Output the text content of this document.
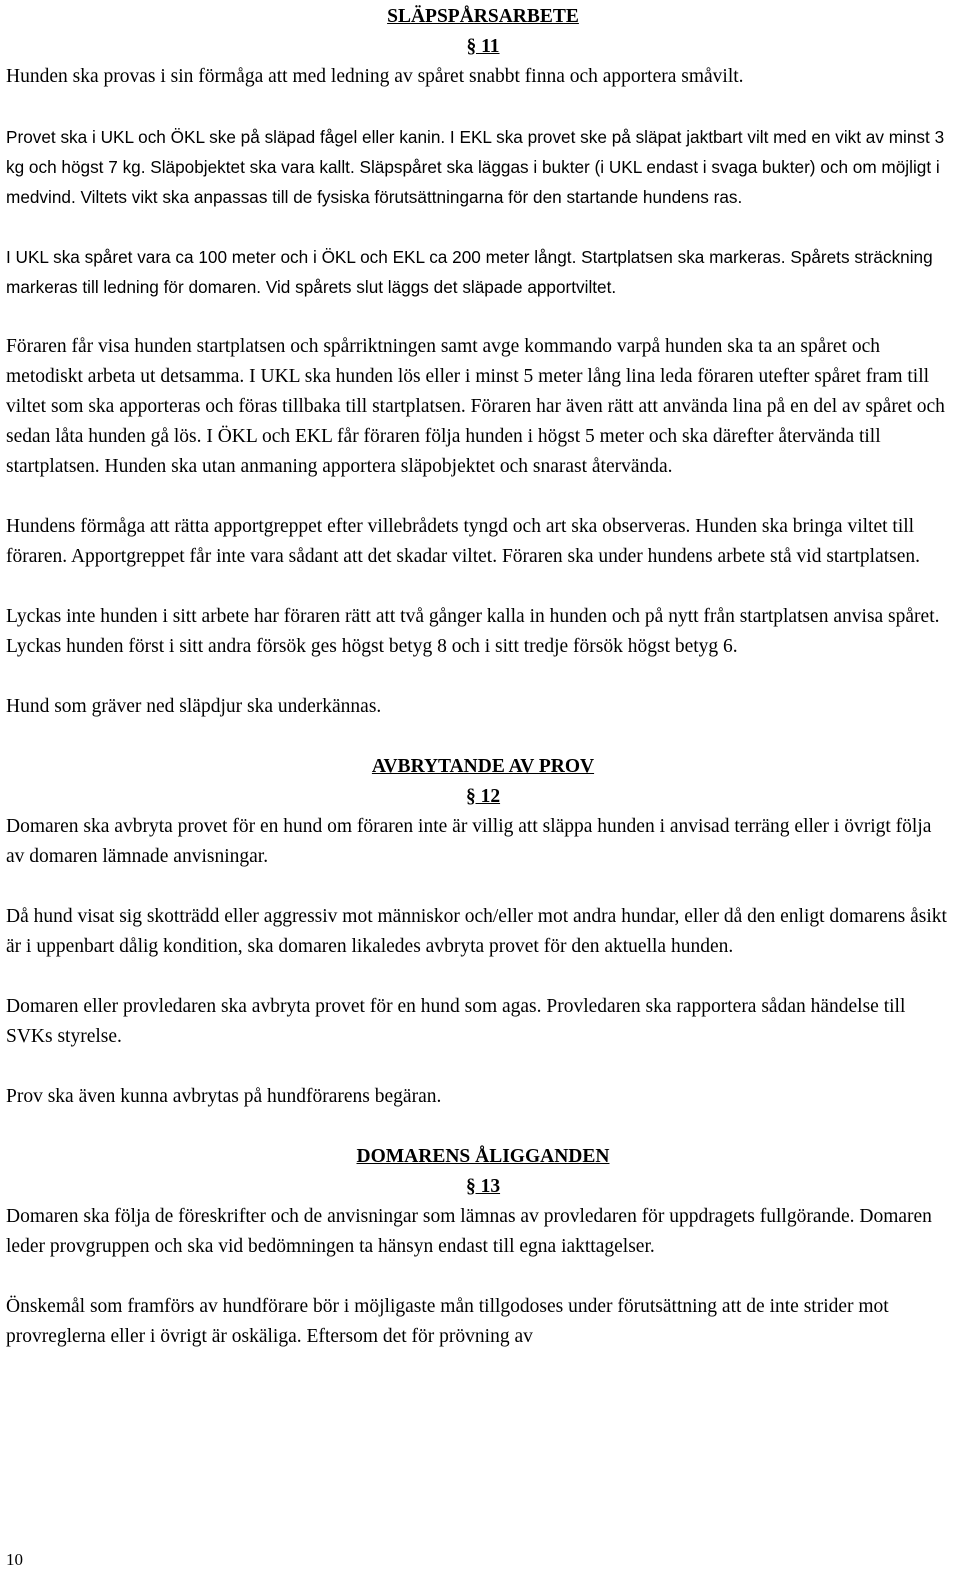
SLÄPSPÅRSARBETE
§ 11

Hunden ska provas i sin förmåga att med ledning av spåret snabbt finna och apportera småvilt.

Provet ska i UKL och ÖKL ske på släpad fågel eller kanin. I EKL ska provet ske på släpat jaktbart vilt med en vikt av minst 3 kg och högst 7 kg. Släpobjektet ska vara kallt. Släpspåret ska läggas i bukter (i UKL endast i svaga bukter) och om möjligt i medvind. Viltets vikt ska anpassas till de fysiska förutsättningarna för den startande hundens ras.

I UKL ska spåret vara ca 100 meter och i ÖKL och EKL ca 200 meter långt. Startplatsen ska markeras. Spårets sträckning markeras till ledning för domaren. Vid spårets slut läggs det släpade apportviltet.

Föraren får visa hunden startplatsen och spårriktningen samt avge kommando varpå hunden ska ta an spåret och metodiskt arbeta ut detsamma. I UKL ska hunden lös eller i minst 5 meter lång lina leda föraren utefter spåret fram till viltet som ska apporteras och föras tillbaka till startplatsen. Föraren har även rätt att använda lina på en del av spåret och sedan låta hunden gå lös. I ÖKL och EKL får föraren följa hunden i högst 5 meter och ska därefter återvända till startplatsen. Hunden ska utan anmaning apportera släpobjektet och snarast återvända.

Hundens förmåga att rätta apportgreppet efter villebrådets tyngd och art ska observeras. Hunden ska bringa viltet till föraren. Apportgreppet får inte vara sådant att det skadar viltet. Föraren ska under hundens arbete stå vid startplatsen.

Lyckas inte hunden i sitt arbete har föraren rätt att två gånger kalla in hunden och på nytt från startplatsen anvisa spåret. Lyckas hunden först i sitt andra försök ges högst betyg 8 och i sitt tredje försök högst betyg 6.

Hund som gräver ned släpdjur ska underkännas.

AVBRYTANDE AV PROV
§ 12

Domaren ska avbryta provet för en hund om föraren inte är villig att släppa hunden i anvisad terräng eller i övrigt följa av domaren lämnade anvisningar.

Då hund visat sig skotträdd eller aggressiv mot människor och/eller mot andra hundar, eller då den enligt domarens åsikt är i uppenbart dålig kondition, ska domaren likaledes avbryta provet för den aktuella hunden.

Domaren eller provledaren ska avbryta provet för en hund som agas. Provledaren ska rapportera sådan händelse till SVKs styrelse.

Prov ska även kunna avbrytas på hundförarens begäran.

DOMARENS ÅLIGGANDEN
§ 13

Domaren ska följa de föreskrifter och de anvisningar som lämnas av provledaren för uppdragets fullgörande. Domaren leder provgruppen och ska vid bedömningen ta hänsyn endast till egna iakttagelser.

Önskemål som framförs av hundförare bör i möjligaste mån tillgodoses under förutsättning att de inte strider mot provreglerna eller i övrigt är oskäliga. Eftersom det för prövning av

10
